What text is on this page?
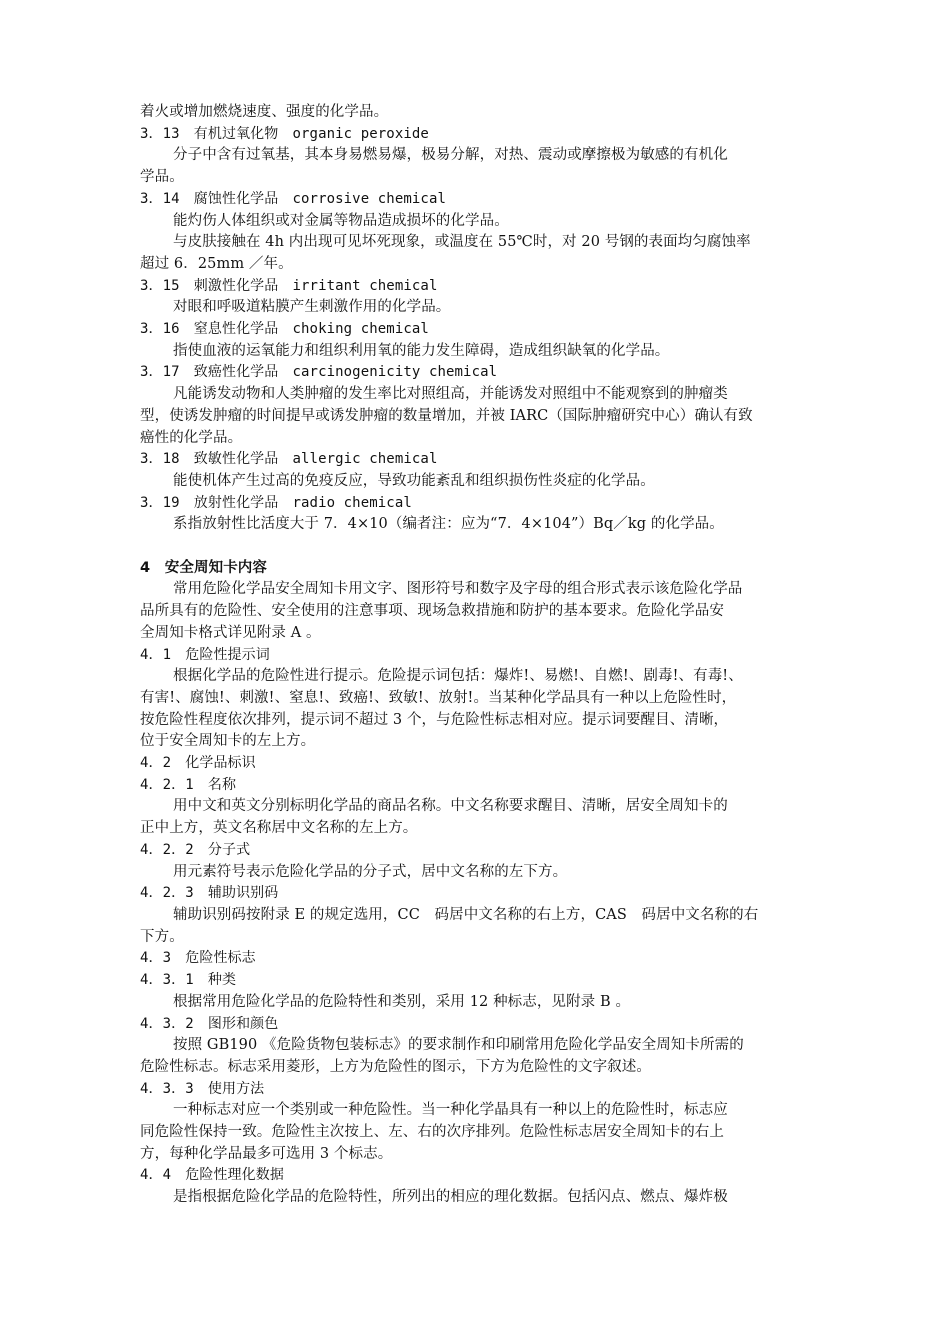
着火或增加燃烧速度、强度的化学品。
3．13　有机过氧化物　organic peroxide
分子中含有过氧基，其本身易燃易爆，极易分解，对热、震动或摩擦极为敏感的有机化
学品。
3．14　腐蚀性化学品　corrosive chemical
能灼伤人体组织或对金属等物品造成损坏的化学品。
与皮肤接触在 4h 内出现可见坏死现象，或温度在 55℃时，对 20 号钢的表面均匀腐蚀率
超过 6．25mm ／年。
3．15　刺激性化学品　irritant chemical
对眼和呼吸道粘膜产生刺激作用的化学品。
3．16　窒息性化学品　choking chemical
指使血液的运氧能力和组织利用氧的能力发生障碍，造成组织缺氧的化学品。
3．17　致癌性化学品　carcinogenicity chemical
凡能诱发动物和人类肿瘤的发生率比对照组高，并能诱发对照组中不能观察到的肿瘤类
型，使诱发肿瘤的时间提早或诱发肿瘤的数量增加，并被 IARC（国际肿瘤研究中心）确认有致
癌性的化学品。
3．18　致敏性化学品　allergic chemical
能使机体产生过高的免疫反应，导致功能紊乱和组织损伤性炎症的化学品。
3．19　放射性化学品　radio chemical
系指放射性比活度大于 7．4×10（编者注：应为“7．4×104”）Bq／kg 的化学品。
4　安全周知卡内容
常用危险化学品安全周知卡用文字、图形符号和数字及字母的组合形式表示该危险化学品
品所具有的危险性、安全使用的注意事项、现场急救措施和防护的基本要求。危险化学品安
全周知卡格式详见附录 A 。
4．1　危险性提示词
根据化学品的危险性进行提示。危险提示词包括：爆炸!、易燃!、自燃!、剧毒!、有毒!、
有害!、腐蚀!、刺激!、窒息!、致癌!、致敏!、放射!。当某种化学品具有一种以上危险性时，
按危险性程度依次排列，提示词不超过 3 个，与危险性标志相对应。提示词要醒目、清晰，
位于安全周知卡的左上方。
4．2　化学品标识
4．2．1　名称
用中文和英文分别标明化学品的商品名称。中文名称要求醒目、清晰，居安全周知卡的
正中上方，英文名称居中文名称的左上方。
4．2．2　分子式
用元素符号表示危险化学品的分子式，居中文名称的左下方。
4．2．3　辅助识别码
辅助识别码按附录 E 的规定选用，CC　码居中文名称的右上方，CAS　码居中文名称的右
下方。
4．3　危险性标志
4．3．1　种类
根据常用危险化学品的危险特性和类别，采用 12 种标志，见附录 B 。
4．3．2　图形和颜色
按照 GB190 《危险货物包装标志》的要求制作和印刷常用危险化学品安全周知卡所需的
危险性标志。标志采用菱形，上方为危险性的图示，下方为危险性的文字叙述。
4．3．3　使用方法
一种标志对应一个类别或一种危险性。当一种化学晶具有一种以上的危险性时，标志应
同危险性保持一致。危险性主次按上、左、右的次序排列。危险性标志居安全周知卡的右上
方，每种化学品最多可选用 3 个标志。
4．4　危险性理化数据
是指根据危险化学品的危险特性，所列出的相应的理化数据。包括闪点、燃点、爆炸极
